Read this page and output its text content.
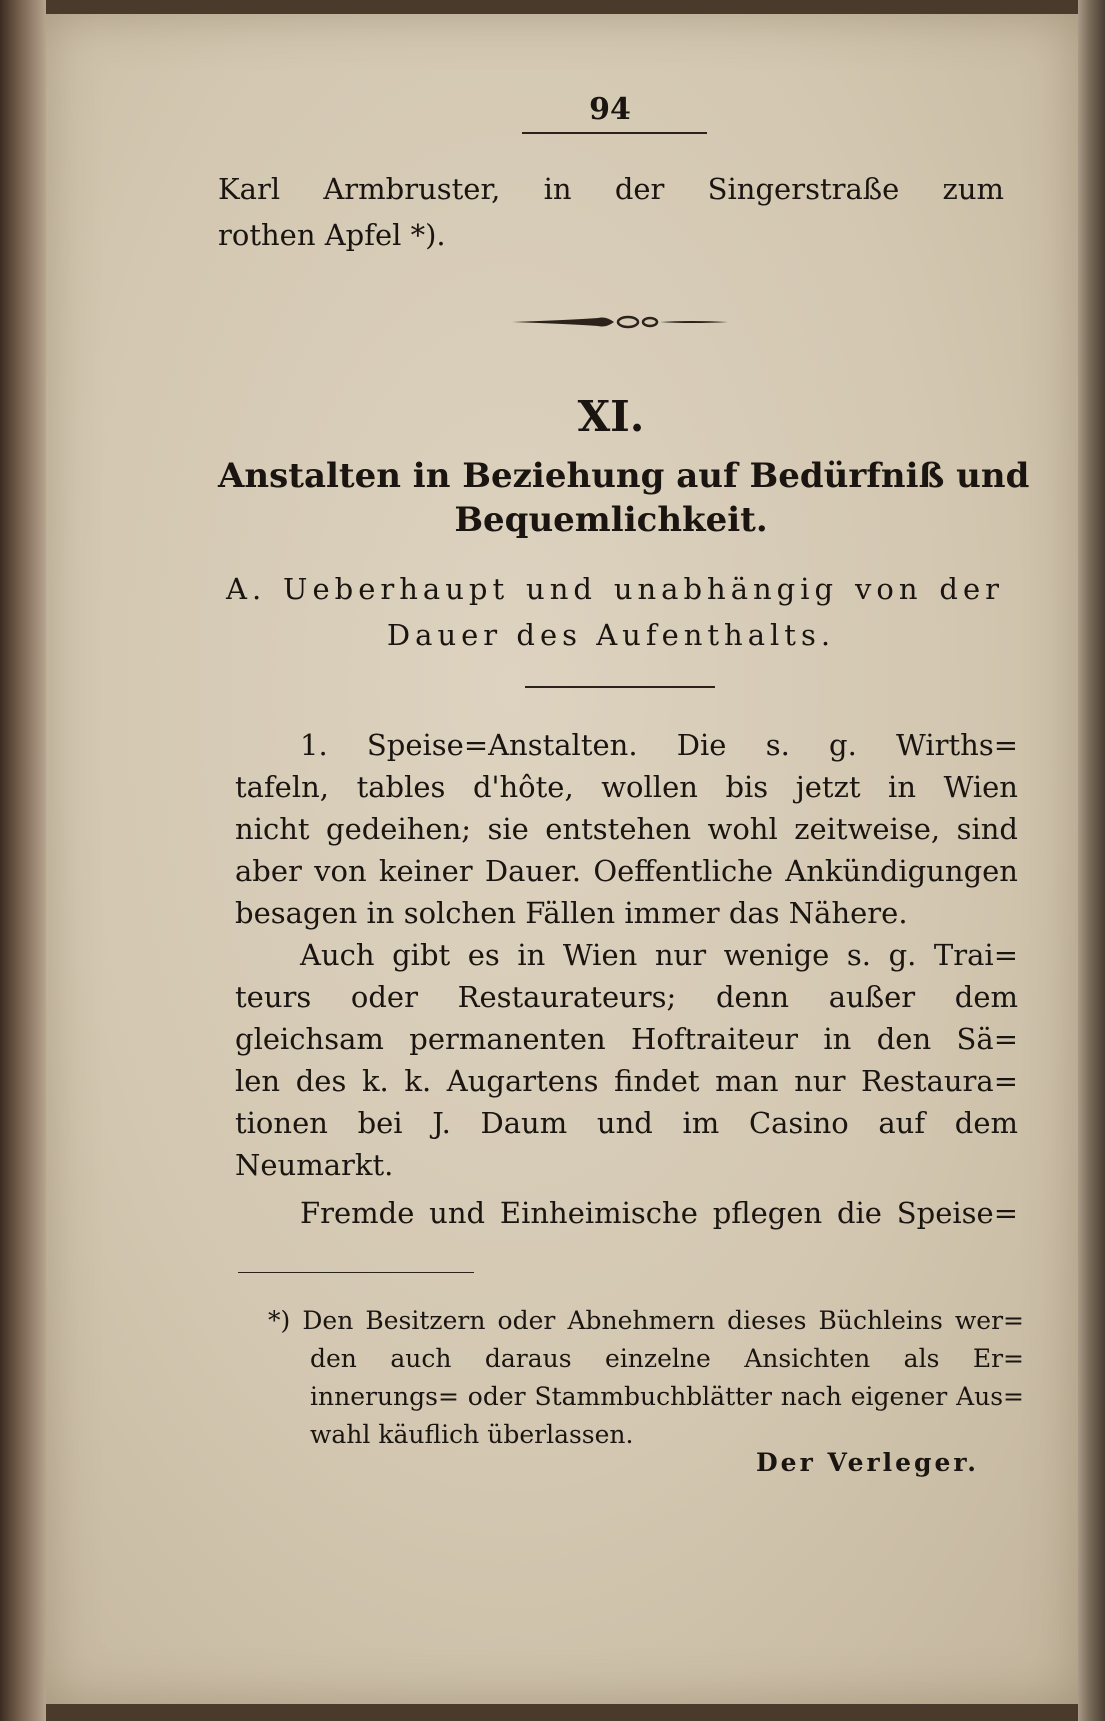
94
Karl Armbruster, in der Singerstraße zum
rothen Apfel *).
XI.
Anstalten in Beziehung auf Bedürfniß und
Bequemlichkeit.
A. Ueberhaupt und unabhängig von der
Dauer des Aufenthalts.
1. Speise=Anstalten. Die s. g. Wirths=
tafeln, tables d'hôte, wollen bis jetzt in Wien
nicht gedeihen; sie entstehen wohl zeitweise, sind
aber von keiner Dauer. Oeffentliche Ankündigungen
besagen in solchen Fällen immer das Nähere.
Auch gibt es in Wien nur wenige s. g. Trai=
teurs oder Restaurateurs; denn außer dem
gleichsam permanenten Hoftraiteur in den Sä=
len des k. k. Augartens findet man nur Restaura=
tionen bei J. Daum und im Casino auf dem
Neumarkt.
Fremde und Einheimische pflegen die Speise=
*) Den Besitzern oder Abnehmern dieses Büchleins wer=
den auch daraus einzelne Ansichten als Er=
innerungs= oder Stammbuchblätter nach eigener Aus=
wahl käuflich überlassen.
Der Verleger.
